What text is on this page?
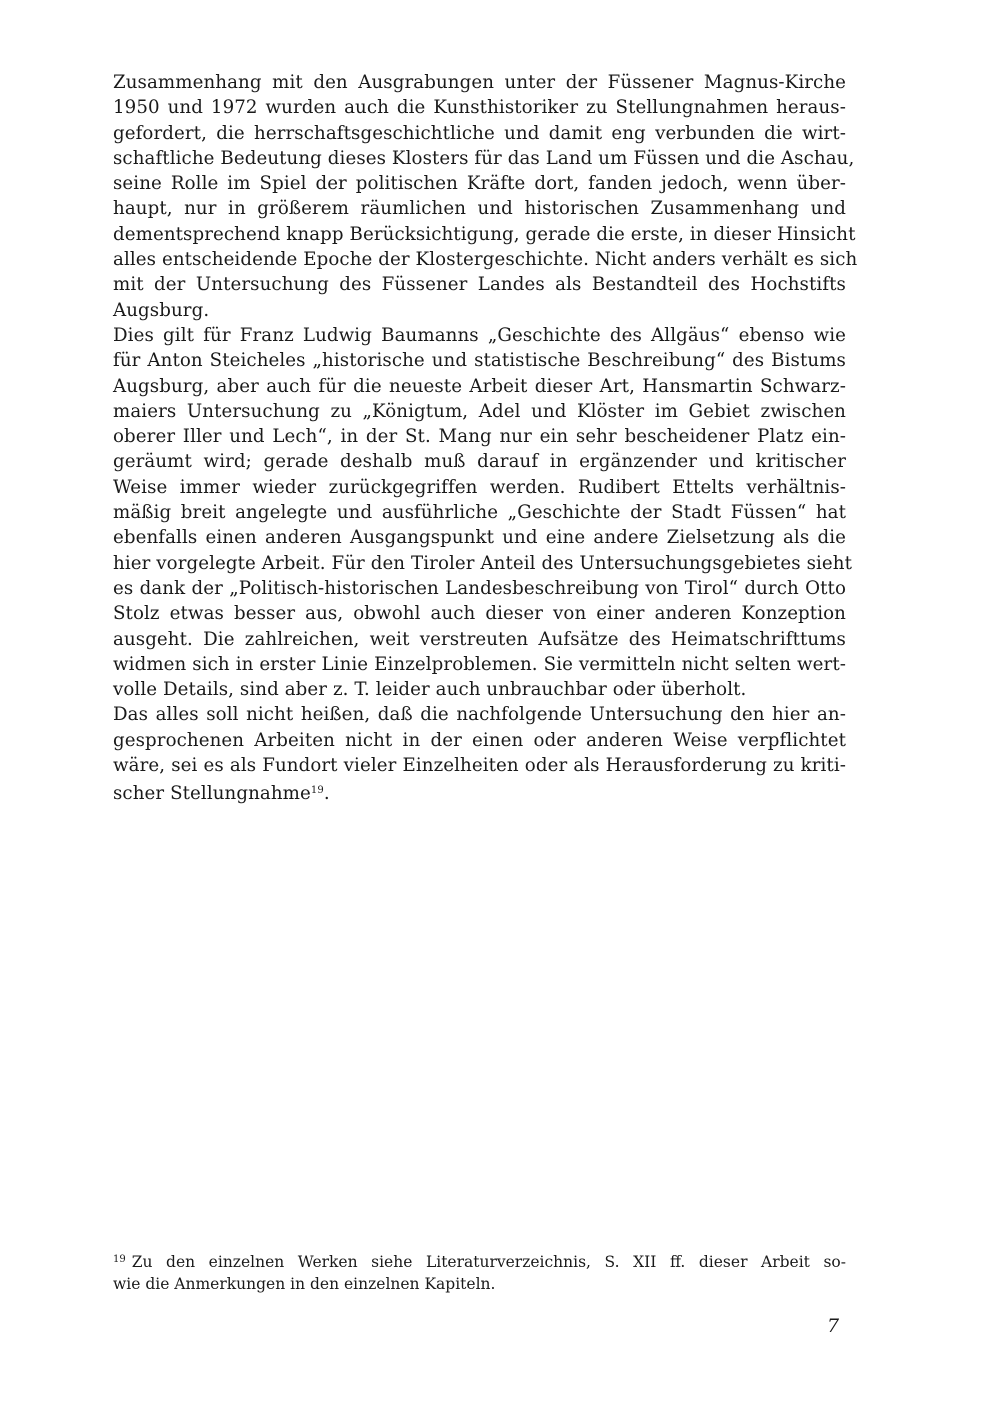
Zusammenhang mit den Ausgrabungen unter der Füssener Magnus-Kirche
1950 und 1972 wurden auch die Kunsthistoriker zu Stellungnahmen heraus-
gefordert, die herrschaftsgeschichtliche und damit eng verbunden die wirt-
schaftliche Bedeutung dieses Klosters für das Land um Füssen und die Aschau,
seine Rolle im Spiel der politischen Kräfte dort, fanden jedoch, wenn über-
haupt, nur in größerem räumlichen und historischen Zusammenhang und
dementsprechend knapp Berücksichtigung, gerade die erste, in dieser Hinsicht
alles entscheidende Epoche der Klostergeschichte. Nicht anders verhält es sich
mit der Untersuchung des Füssener Landes als Bestandteil des Hochstifts
Augsburg.
Dies gilt für Franz Ludwig Baumanns „Geschichte des Allgäus“ ebenso wie
für Anton Steicheles „historische und statistische Beschreibung“ des Bistums
Augsburg, aber auch für die neueste Arbeit dieser Art, Hansmartin Schwarz-
maiers Untersuchung zu „Königtum, Adel und Klöster im Gebiet zwischen
oberer Iller und Lech“, in der St. Mang nur ein sehr bescheidener Platz ein-
geräumt wird; gerade deshalb muß darauf in ergänzender und kritischer
Weise immer wieder zurückgegriffen werden. Rudibert Ettelts verhältnis-
mäßig breit angelegte und ausführliche „Geschichte der Stadt Füssen“ hat
ebenfalls einen anderen Ausgangspunkt und eine andere Zielsetzung als die
hier vorgelegte Arbeit. Für den Tiroler Anteil des Untersuchungsgebietes sieht
es dank der „Politisch-historischen Landesbeschreibung von Tirol“ durch Otto
Stolz etwas besser aus, obwohl auch dieser von einer anderen Konzeption
ausgeht. Die zahlreichen, weit verstreuten Aufsätze des Heimatschrifttums
widmen sich in erster Linie Einzelproblemen. Sie vermitteln nicht selten wert-
volle Details, sind aber z. T. leider auch unbrauchbar oder überholt.
Das alles soll nicht heißen, daß die nachfolgende Untersuchung den hier an-
gesprochenen Arbeiten nicht in der einen oder anderen Weise verpflichtet
wäre, sei es als Fundort vieler Einzelheiten oder als Herausforderung zu kriti-
scher Stellungnahme$^{19}$.
$^{19}$ Zu den einzelnen Werken siehe Literaturverzeichnis, S. XII ff. dieser Arbeit so-
wie die Anmerkungen in den einzelnen Kapiteln.
7
